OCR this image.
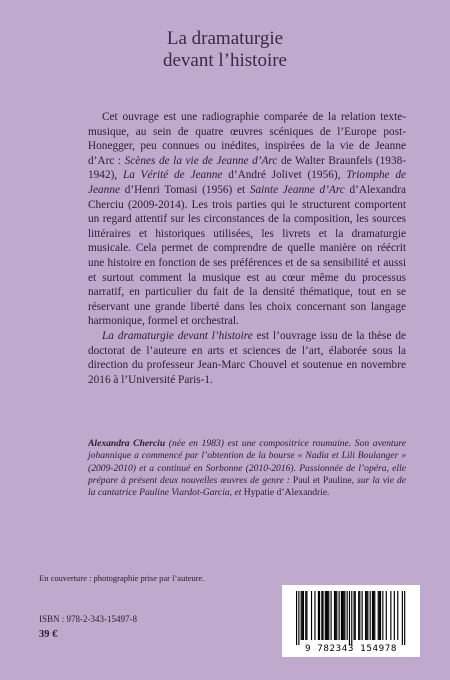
La dramaturgie
devant l’histoire

Cet ouvrage est une radiographie comparée de la relation texte-musique, au sein de quatre œuvres scéniques de l’Europe post-Honegger, peu connues ou inédites, inspirées de la vie de Jeanne d’Arc : Scènes de la vie de Jeanne d’Arc de Walter Braunfels (1938-1942), La Vérité de Jeanne d’André Jolivet (1956), Triomphe de Jeanne d’Henri Tomasi (1956) et Sainte Jeanne d’Arc d’Alexandra Cherciu (2009-2014). Les trois parties qui le structurent comportent un regard attentif sur les circonstances de la composition, les sources littéraires et historiques utilisées, les livrets et la dramaturgie musicale. Cela permet de comprendre de quelle manière on réécrit une histoire en fonction de ses préférences et de sa sensibilité et aussi et surtout comment la musique est au cœur même du processus narratif, en particulier du fait de la densité thématique, tout en se réservant une grande liberté dans les choix concernant son langage harmonique, formel et orchestral.

La dramaturgie devant l’histoire est l’ouvrage issu de la thèse de doctorat de l’auteure en arts et sciences de l’art, élaborée sous la direction du professeur Jean-Marc Chouvel et soutenue en novembre 2016 à l’Université Paris-1.

Alexandra Cherciu (née en 1983) est une compositrice roumaine. Son aventure johannique a commencé par l’obtention de la bourse « Nadia et Lili Boulanger » (2009-2010) et a continué en Sorbonne (2010-2016). Passionnée de l’opéra, elle prépare à présent deux nouvelles œuvres de genre : Paul et Pauline, sur la vie de la cantatrice Pauline Viardot-Garcia, et Hypatie d’Alexandrie.
En couverture : photographie prise par l’auteure.
ISBN : 978-2-343-15497-8
39 €
9 782343 154978
